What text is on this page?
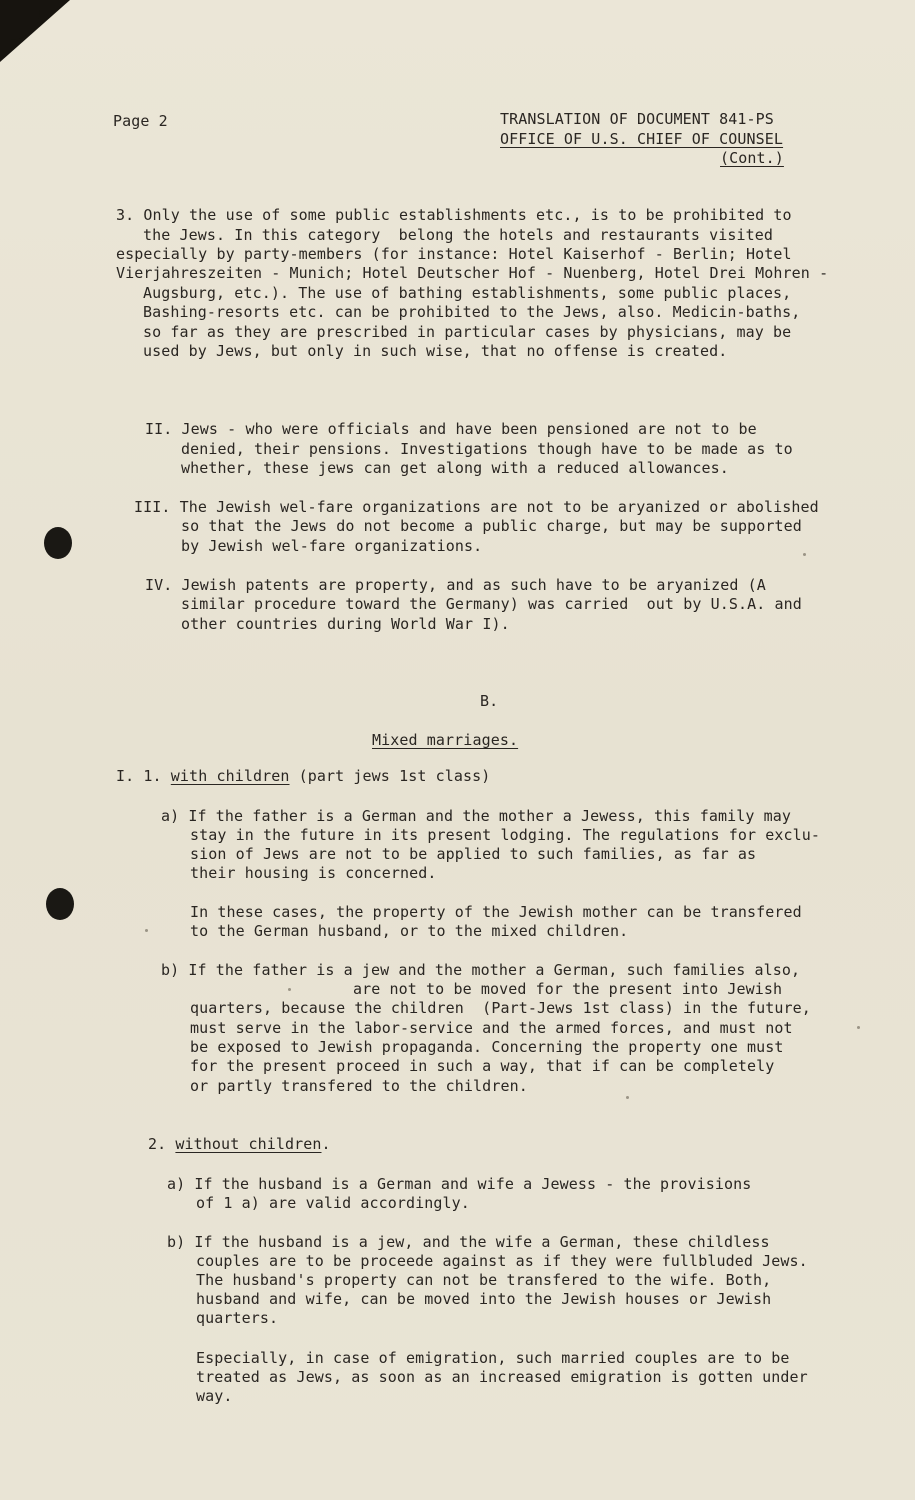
Page 2	TRANSLATION OF DOCUMENT 841-PS
OFFICE OF U.S. CHIEF OF COUNSEL
(Cont.)
3. Only the use of some public establishments etc., is to be prohibited to
the Jews. In this category  belong the hotels and restaurants visited
especially by party-members (for instance: Hotel Kaiserhof - Berlin; Hotel
Vierjahreszeiten - Munich; Hotel Deutscher Hof - Nuenberg, Hotel Drei Mohren -
Augsburg, etc.). The use of bathing establishments, some public places,
Bashing-resorts etc. can be prohibited to the Jews, also. Medicin-baths,
so far as they are prescribed in particular cases by physicians, may be
used by Jews, but only in such wise, that no offense is created.
II. Jews - who were officials and have been pensioned are not to be
denied, their pensions. Investigations though have to be made as to
whether, these jews can get along with a reduced allowances.
III. The Jewish wel-fare organizations are not to be aryanized or abolished
so that the Jews do not become a public charge, but may be supported
by Jewish wel-fare organizations.
IV. Jewish patents are property, and as such have to be aryanized (A
similar procedure toward the Germany) was carried  out by U.S.A. and
other countries during World War I).
B.
Mixed marriages.
I. 1. with children (part jews 1st class)
a) If the father is a German and the mother a Jewess, this family may
stay in the future in its present lodging. The regulations for exclu-
sion of Jews are not to be applied to such families, as far as
their housing is concerned.
In these cases, the property of the Jewish mother can be transfered
to the German husband, or to the mixed children.
b) If the father is a jew and the mother a German, such families also,
are not to be moved for the present into Jewish
quarters, because the children  (Part-Jews 1st class) in the future,
must serve in the labor-service and the armed forces, and must not
be exposed to Jewish propaganda. Concerning the property one must
for the present proceed in such a way, that if can be completely
or partly transfered to the children.
2. without children.
a) If the husband is a German and wife a Jewess - the provisions
of 1 a) are valid accordingly.
b) If the husband is a jew, and the wife a German, these childless
couples are to be proceede against as if they were fullbluded Jews.
The husband's property can not be transfered to the wife. Both,
husband and wife, can be moved into the Jewish houses or Jewish
quarters.
Especially, in case of emigration, such married couples are to be
treated as Jews, as soon as an increased emigration is gotten under
way.
